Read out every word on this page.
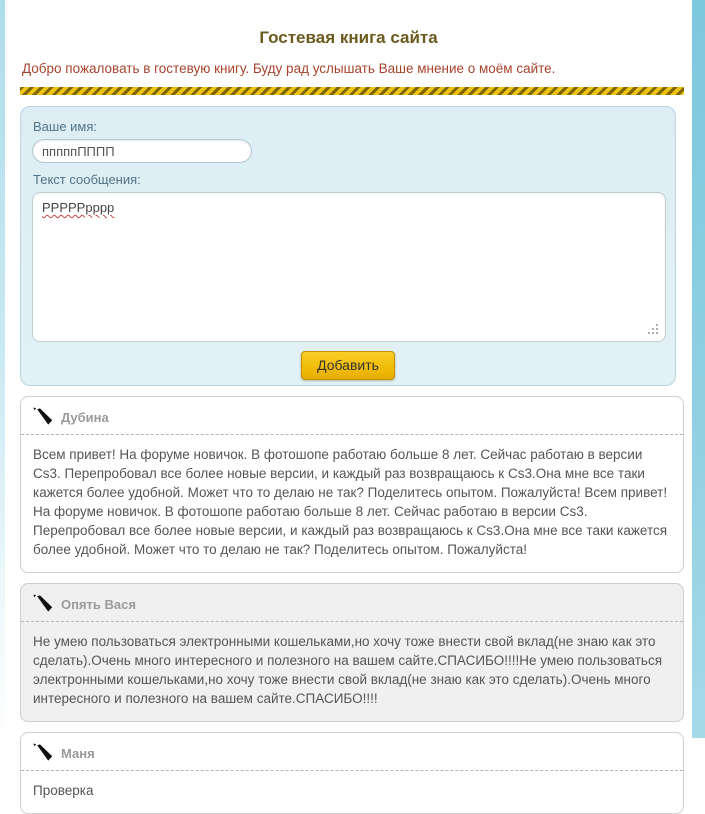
Гостевая книга сайта

Добро пожаловать в гостевую книгу. Буду рад услышать Ваше мнение о моём сайте.

Ваше имя:
пппппПППП
Текст сообщения:
РРРРРрррр
Добавить
Дубина
Всем привет! На форуме новичок. В фотошопе работаю больше 8 лет. Сейчас работаю в версии Cs3. Перепробовал все более новые версии, и каждый раз возвращаюсь к Cs3.Она мне все таки кажется более удобной. Может что то делаю не так? Поделитесь опытом. Пожалуйста! Всем привет! На форуме новичок. В фотошопе работаю больше 8 лет. Сейчас работаю в версии Cs3. Перепробовал все более новые версии, и каждый раз возвращаюсь к Cs3.Она мне все таки кажется более удобной. Может что то делаю не так? Поделитесь опытом. Пожалуйста!
Опять Вася
Не умею пользоваться электронными кошельками,но хочу тоже внести свой вклад(не знаю как это сделать).Очень много интересного и полезного на вашем сайте.СПАСИБО!!!!Не умею пользоваться электронными кошельками,но хочу тоже внести свой вклад(не знаю как это сделать).Очень много интересного и полезного на вашем сайте.СПАСИБО!!!!
Маня
Проверка
